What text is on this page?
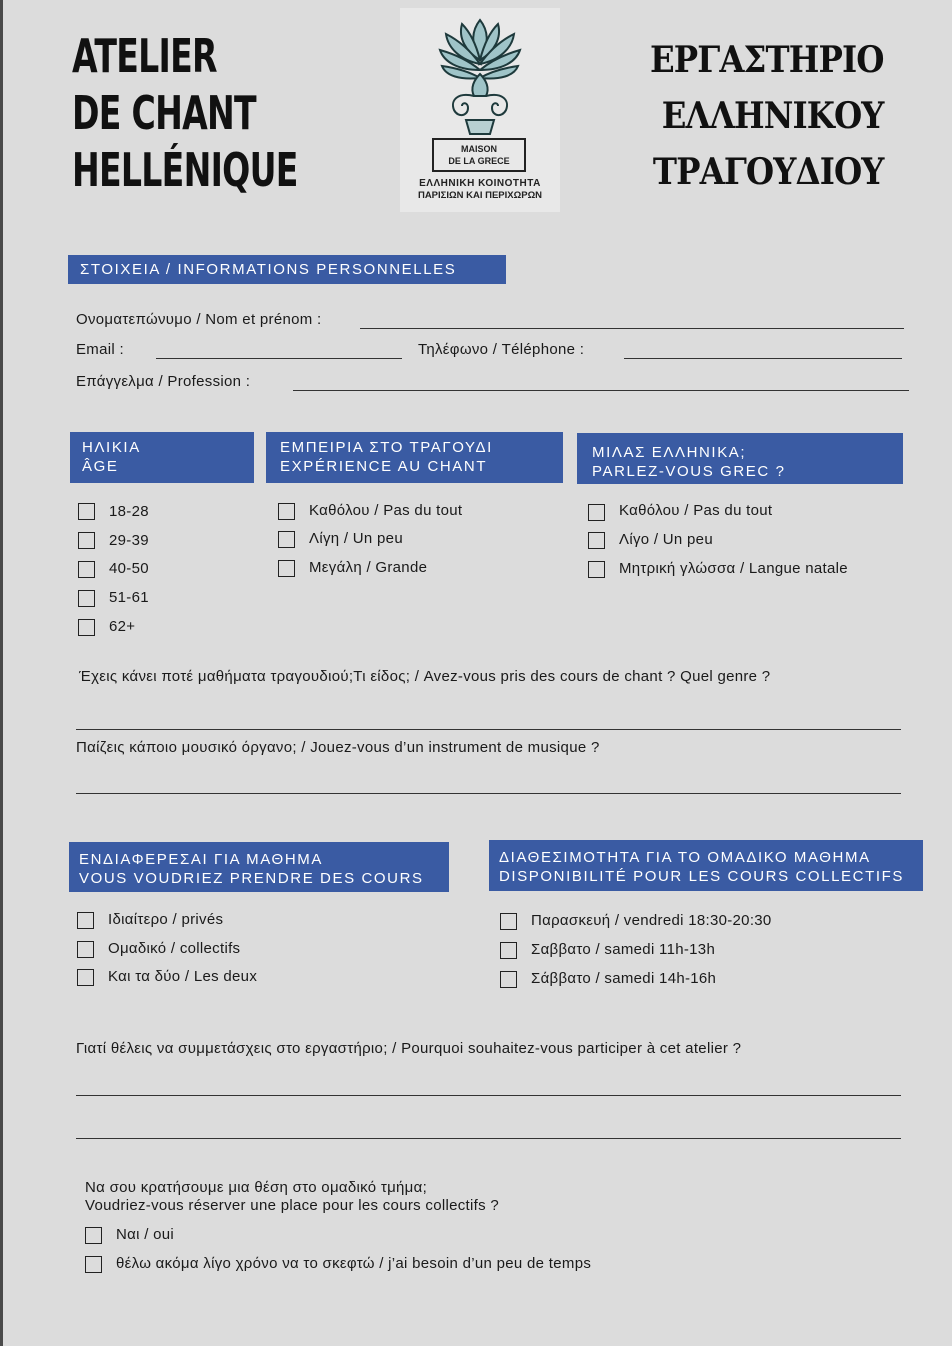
ATELIER
DE CHANT
HELLÉNIQUE	MAISON
DE LA GRECE
ΕΛΛΗΝΙΚΗ ΚΟΙΝΟΤΗΤΑ
ΠΑΡΙΣΙΩΝ ΚΑΙ ΠΕΡΙΧΩΡΩΝ
ΕΡΓΑΣΤΗΡΙΟ
ΕΛΛΗΝΙΚΟΥ
ΤΡΑΓΟΥΔΙΟΥ
ΣΤΟΙΧΕΙΑ / INFORMATIONS PERSONNELLES
Ονοματεπώνυμο / Nom et prénom :
Email :	Τηλέφωνο / Téléphone :
Επάγγελμα / Profession :
ΗΛΙΚΙΑ
ÂGE
18-28
29-39
40-50
51-61
62+
ΕΜΠΕΙΡΙΑ ΣΤΟ ΤΡΑΓΟΥΔΙ
EXPÉRIENCE AU CHANT
Καθόλου / Pas du tout
Λίγη / Un peu
Μεγάλη / Grande
ΜΙΛΑΣ ΕΛΛΗΝΙΚΑ;
PARLEZ-VOUS GREC ?
Καθόλου / Pas du tout
Λίγο / Un peu
Μητρική γλώσσα / Langue natale
Έχεις κάνει ποτέ μαθήματα τραγουδιού;Τι είδος; / Avez-vous pris des cours de chant ? Quel genre ?
Παίζεις κάποιο μουσικό όργανο; / Jouez-vous d’un instrument de musique ?
ΕΝΔΙΑΦΕΡΕΣΑΙ ΓΙΑ ΜΑΘΗΜΑ
VOUS VOUDRIEZ PRENDRE DES COURS
Ιδιαίτερο / privés
Ομαδικό / collectifs
Και τα δύο / Les deux
ΔΙΑΘΕΣΙΜΟΤΗΤΑ ΓΙΑ ΤΟ ΟΜΑΔΙΚΟ ΜΑΘΗΜΑ
DISPONIBILITÉ POUR LES COURS COLLECTIFS
Παρασκευή / vendredi 18:30-20:30
Σαββατο / samedi 11h-13h
Σάββατο / samedi 14h-16h
Γιατί θέλεις να συμμετάσχεις στο εργαστήριο; / Pourquoi souhaitez-vous participer à cet atelier ?
Να σου κρατήσουμε μια θέση στο ομαδικό τμήμα;
Voudriez-vous réserver une place pour les cours collectifs ?
Ναι / oui
θέλω ακόμα λίγο χρόνο να το σκεφτώ / j’ai besoin d’un peu de temps
